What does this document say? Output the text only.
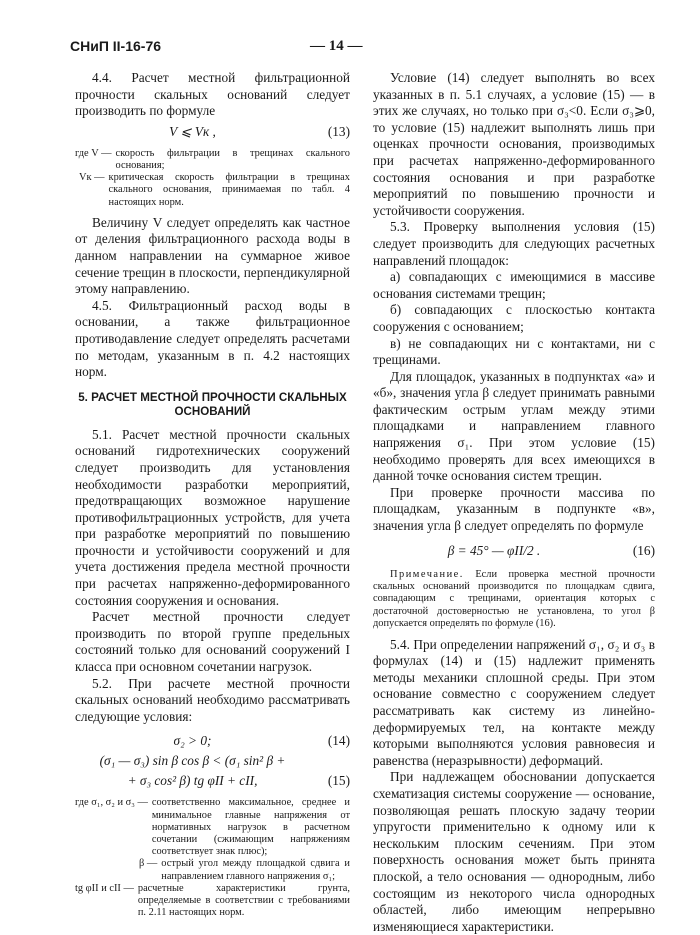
СНиП II-16-76	— 14 —

4.4. Расчет местной фильтрационной прочности скальных оснований следует производить по формуле

V ⩽ Vк ,	(13)
где V — скорость фильтрации в трещинах скального основания;
Vк — критическая скорость фильтрации в трещинах скального основания, принимаемая по табл. 4 настоящих норм.

Величину V следует определять как частное от деления фильтрационного расхода воды в данном направлении на суммарное живое сечение трещин в плоскости, перпендикулярной этому направлению.

4.5. Фильтрационный расход воды в основании, а также фильтрационное противодавление следует определять расчетами по методам, указанным в п. 4.2 настоящих норм.

5. РАСЧЕТ МЕСТНОЙ ПРОЧНОСТИ СКАЛЬНЫХ ОСНОВАНИЙ

5.1. Расчет местной прочности скальных оснований гидротехнических сооружений следует производить для установления необходимости разработки мероприятий, предотвращающих возможное нарушение противофильтрационных устройств, для учета при разработке мероприятий по повышению прочности и устойчивости сооружений и для учета достижения предела местной прочности при расчетах напряженно-деформированного состояния сооружения и основания.

Расчет местной прочности следует производить по второй группе предельных состояний только для оснований сооружений I класса при основном сочетании нагрузок.

5.2. При расчете местной прочности скальных оснований необходимо рассматривать следующие условия:

σ₂ > 0;	(14)
(σ₁ — σ₃) sin β cos β < (σ₁ sin² β +
+ σ₃ cos² β) tg φII + cII,	(15)
где σ₁, σ₂ и σ₃ — соответственно максимальное, среднее и минимальное главные напряжения от нормативных нагрузок в расчетном сочетании (сжимающим напряжениям соответствует знак плюс);
β — острый угол между площадкой сдвига и направлением главного напряжения σ₁;
tg φII и cII — расчетные характеристики грунта, определяемые в соответствии с требованиями п. 2.11 настоящих норм.

Условие (14) следует выполнять во всех указанных в п. 5.1 случаях, а условие (15) — в этих же случаях, но только при σ₃<0. Если σ₃⩾0, то условие (15) надлежит выполнять лишь при оценках прочности основания, производимых при расчетах напряженно-деформированного состояния основания и при разработке мероприятий по повышению прочности и устойчивости сооружения.

5.3. Проверку выполнения условия (15) следует производить для следующих расчетных направлений площадок:

а) совпадающих с имеющимися в массиве основания системами трещин;

б) совпадающих с плоскостью контакта сооружения с основанием;

в) не совпадающих ни с контактами, ни с трещинами.

Для площадок, указанных в подпунктах «а» и «б», значения угла β следует принимать равными фактическим острым углам между этими площадками и направлением главного напряжения σ₁. При этом условие (15) необходимо проверять для всех имеющихся в данной точке основания систем трещин.

При проверке прочности массива по площадкам, указанным в подпункте «в», значения угла β следует определять по формуле

β = 45° — φII/2 .	(16)

Примечание. Если проверка местной прочности скальных оснований производится по площадкам сдвига, совпадающим с трещинами, ориентация которых с достаточной достоверностью не установлена, то угол β допускается определять по формуле (16).

5.4. При определении напряжений σ₁, σ₂ и σ₃ в формулах (14) и (15) надлежит применять методы механики сплошной среды. При этом основание совместно с сооружением следует рассматривать как систему из линейно-деформируемых тел, на контакте между которыми выполняются условия равновесия и равенства (неразрывности) деформаций.

При надлежащем обосновании допускается схематизация системы сооружение — основание, позволяющая решать плоскую задачу теории упругости применительно к одному или к нескольким плоским сечениям. При этом поверхность основания может быть принята плоской, а тело основания — однородным, либо состоящим из некоторого числа однородных областей, либо имеющим непрерывно изменяющиеся характеристики.
